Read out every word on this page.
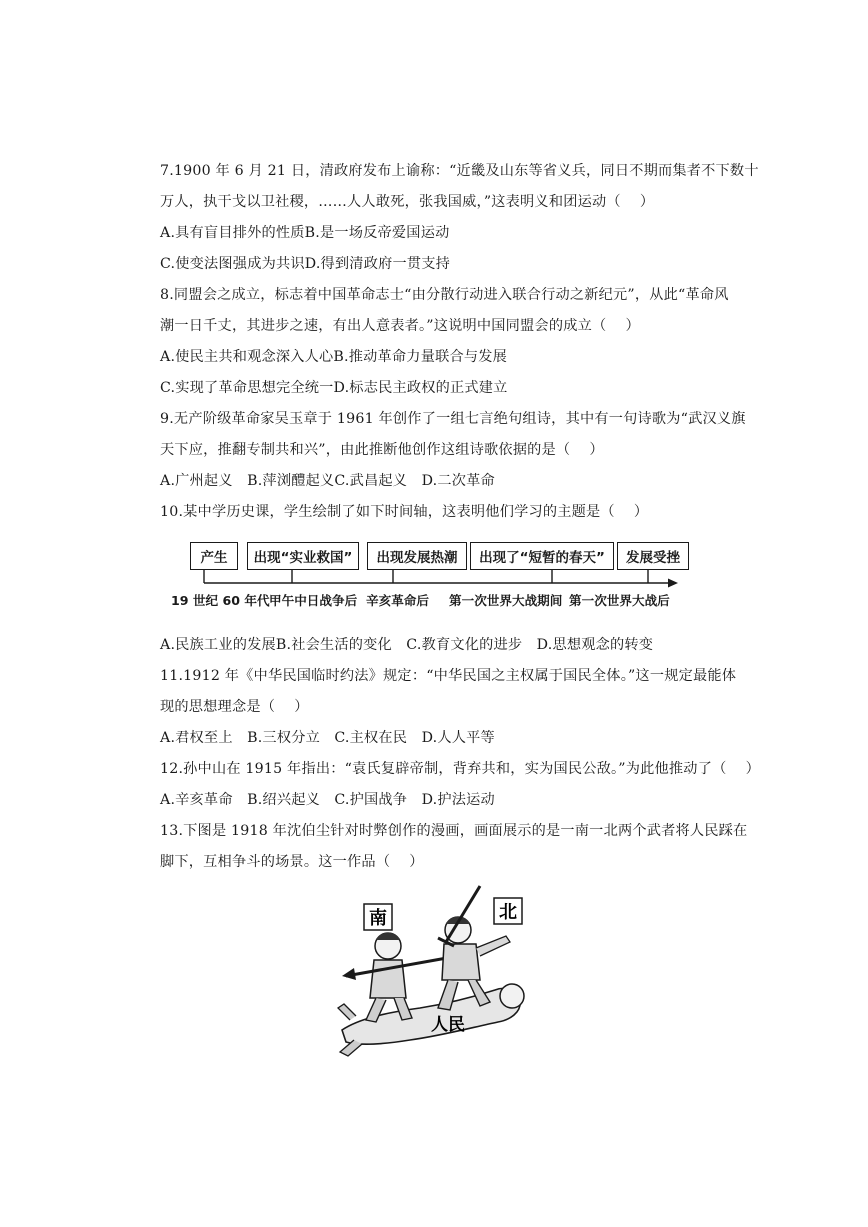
7.1900 年 6 月 21 日，清政府发布上谕称：“近畿及山东等省义兵，同日不期而集者不下数十
万人，执干戈以卫社稷，……人人敢死，张我国威，”这表明义和团运动（　 ）
A.具有盲目排外的性质B.是一场反帝爱国运动
C.使变法图强成为共识D.得到清政府一贯支持
8.同盟会之成立，标志着中国革命志士“由分散行动进入联合行动之新纪元”，从此“革命风
潮一日千丈，其进步之速，有出人意表者。”这说明中国同盟会的成立（　 ）
A.使民主共和观念深入人心B.推动革命力量联合与发展
C.实现了革命思想完全统一D.标志民主政权的正式建立
9.无产阶级革命家吴玉章于 1961 年创作了一组七言绝句组诗，其中有一句诗歌为“武汉义旗
天下应，推翻专制共和兴”，由此推断他创作这组诗歌依据的是（　 ）
A.广州起义　B.萍浏醴起义C.武昌起义　D.二次革命
10.某中学历史课，学生绘制了如下时间轴，这表明他们学习的主题是（　 ）
产生	出现“实业救国”	出现发展热潮	出现了“短暂的春天”	发展受挫
19 世纪 60 年代 甲午中日战争后 辛亥革命后 第一次世界大战期间 第一次世界大战后
A.民族工业的发展B.社会生活的变化　C.教育文化的进步　D.思想观念的转变
11.1912 年《中华民国临时约法》规定：“中华民国之主权属于国民全体。”这一规定最能体
现的思想理念是（　 ）
A.君权至上　B.三权分立　C.主权在民　D.人人平等
12.孙中山在 1915 年指出：“袁氏复辟帝制，背弃共和，实为国民公敌。”为此他推动了（　 ）
A.辛亥革命　B.绍兴起义　C.护国战争　D.护法运动
13.下图是 1918 年沈伯尘针对时弊创作的漫画，画面展示的是一南一北两个武者将人民踩在
脚下，互相争斗的场景。这一作品（　 ）
南	北
人民
